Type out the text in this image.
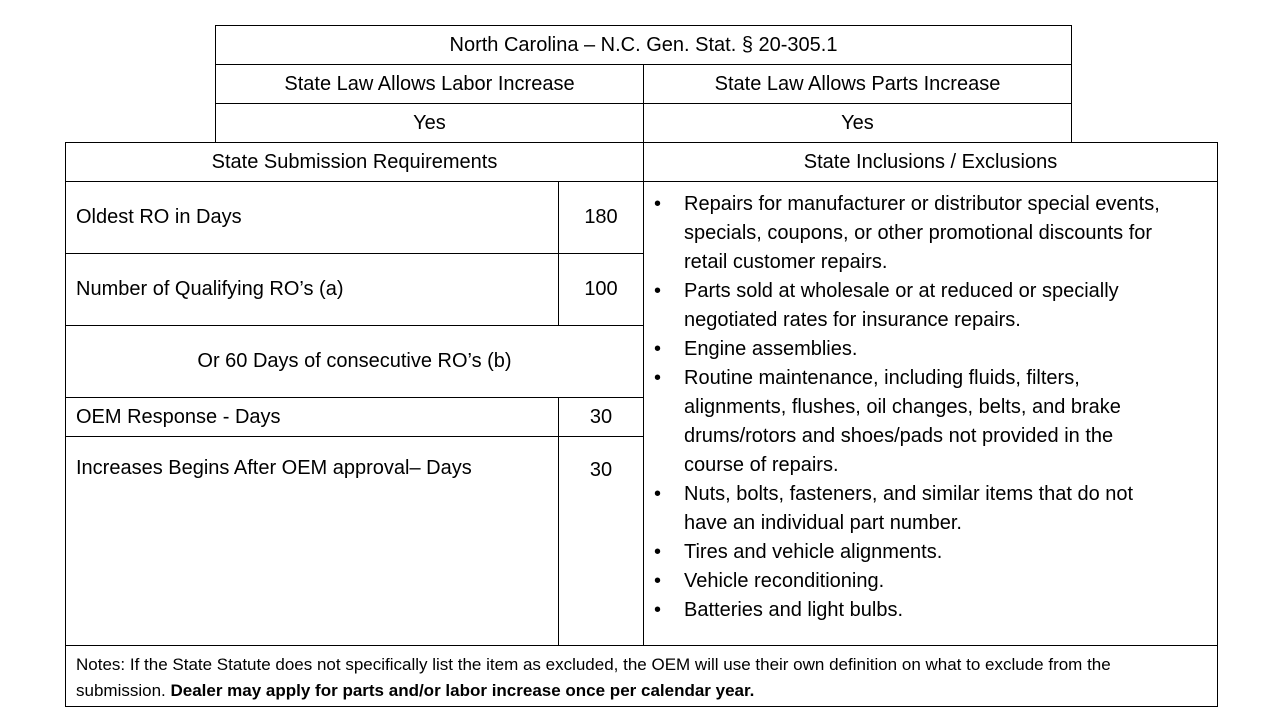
North Carolina – N.C. Gen. Stat. § 20-305.1
State Law Allows Labor Increase	State Law Allows Parts Increase
Yes	Yes
State Submission Requirements	State Inclusions / Exclusions
Oldest RO in Days	180
Number of Qualifying RO’s (a)	100
Or 60 Days of consecutive RO’s (b)
OEM Response - Days	30
Increases Begins After OEM approval– Days	30
• Repairs for manufacturer or distributor special events, specials, coupons, or other promotional discounts for retail customer repairs.
• Parts sold at wholesale or at reduced or specially negotiated rates for insurance repairs.
• Engine assemblies.
• Routine maintenance, including fluids, filters, alignments, flushes, oil changes, belts, and brake drums/rotors and shoes/pads not provided in the course of repairs.
• Nuts, bolts, fasteners, and similar items that do not have an individual part number.
• Tires and vehicle alignments.
• Vehicle reconditioning.
• Batteries and light bulbs.
Notes: If the State Statute does not specifically list the item as excluded, the OEM will use their own definition on what to exclude from the submission. Dealer may apply for parts and/or labor increase once per calendar year.
